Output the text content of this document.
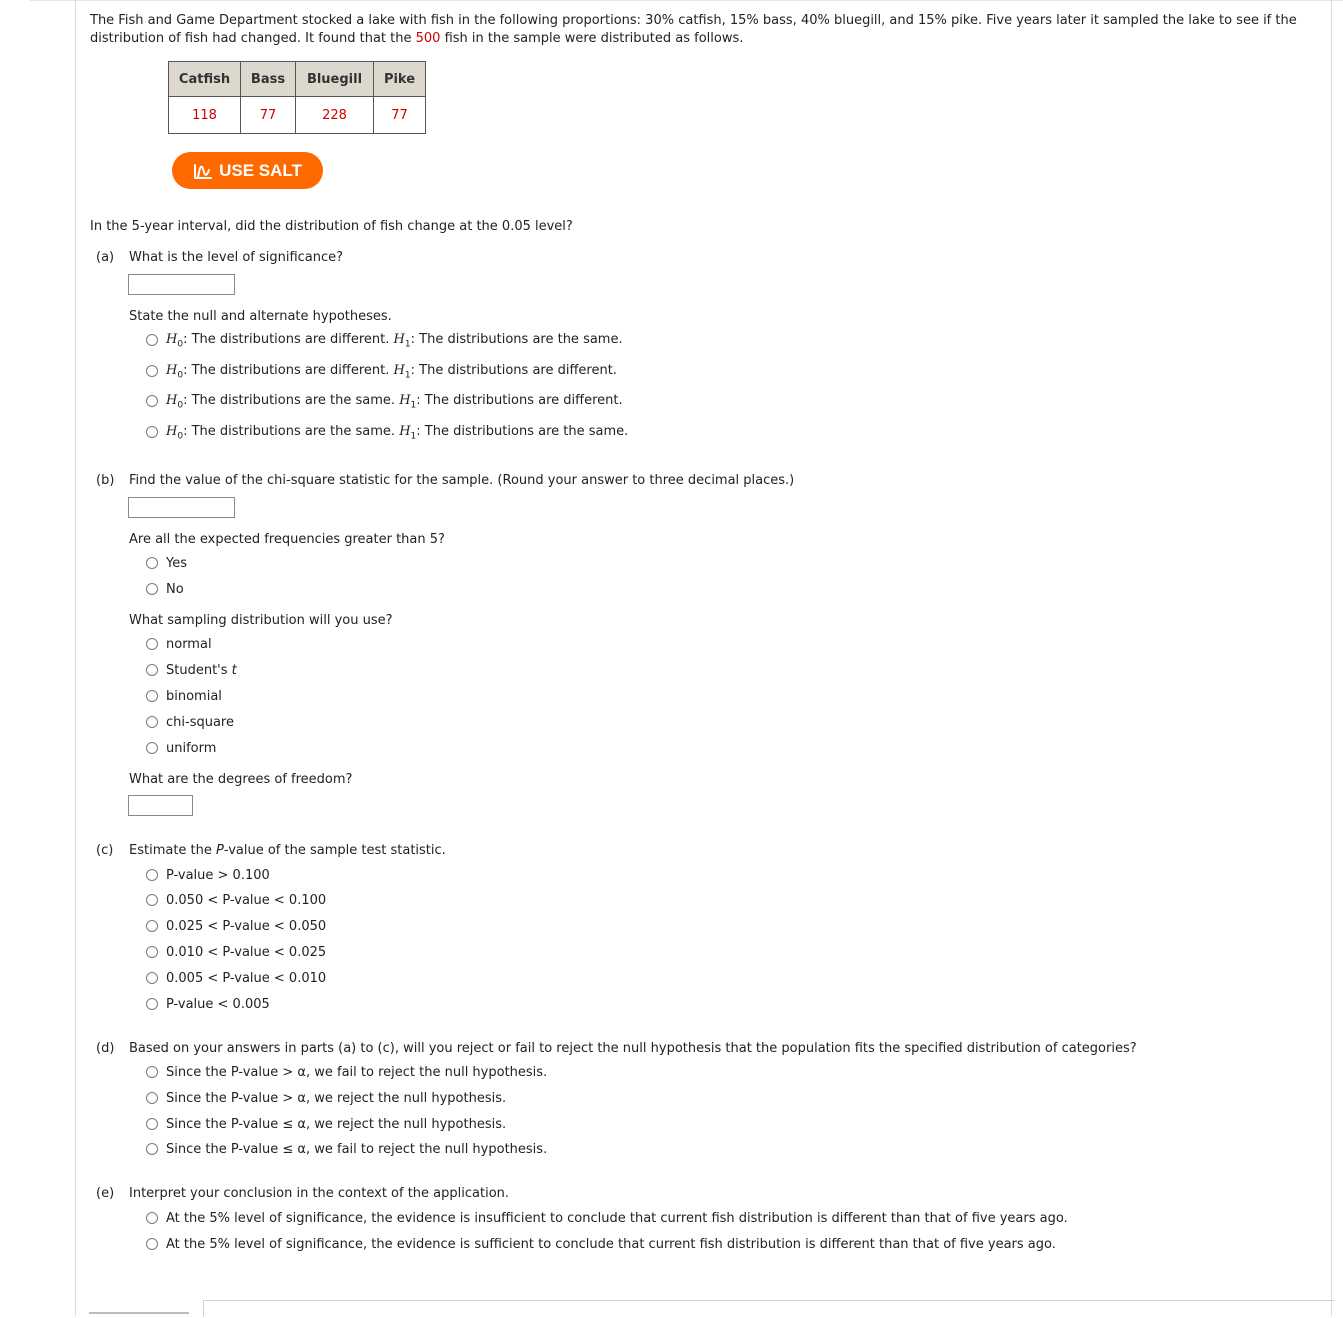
The Fish and Game Department stocked a lake with fish in the following proportions: 30% catfish, 15% bass, 40% bluegill, and 15% pike. Five years later it sampled the lake to see if the distribution of fish had changed. It found that the 500 fish in the sample were distributed as follows.
Catfish	Bass	Bluegill	Pike
118	77	228	77
USE SALT
In the 5-year interval, did the distribution of fish change at the 0.05 level?
(a) What is the level of significance?
State the null and alternate hypotheses.
$H_0$: The distributions are different. $H_1$: The distributions are the same.
$H_0$: The distributions are different. $H_1$: The distributions are different.
$H_0$: The distributions are the same. $H_1$: The distributions are different.
$H_0$: The distributions are the same. $H_1$: The distributions are the same.
(b) Find the value of the chi-square statistic for the sample. (Round your answer to three decimal places.)
Are all the expected frequencies greater than 5?
Yes
No
What sampling distribution will you use?
normal
Student's t
binomial
chi-square
uniform
What are the degrees of freedom?
(c) Estimate the P-value of the sample test statistic.
P-value > 0.100
0.050 < P-value < 0.100
0.025 < P-value < 0.050
0.010 < P-value < 0.025
0.005 < P-value < 0.010
P-value < 0.005
(d) Based on your answers in parts (a) to (c), will you reject or fail to reject the null hypothesis that the population fits the specified distribution of categories?
Since the P-value > α, we fail to reject the null hypothesis.
Since the P-value > α, we reject the null hypothesis.
Since the P-value ≤ α, we reject the null hypothesis.
Since the P-value ≤ α, we fail to reject the null hypothesis.
(e) Interpret your conclusion in the context of the application.
At the 5% level of significance, the evidence is insufficient to conclude that current fish distribution is different than that of five years ago.
At the 5% level of significance, the evidence is sufficient to conclude that current fish distribution is different than that of five years ago.
